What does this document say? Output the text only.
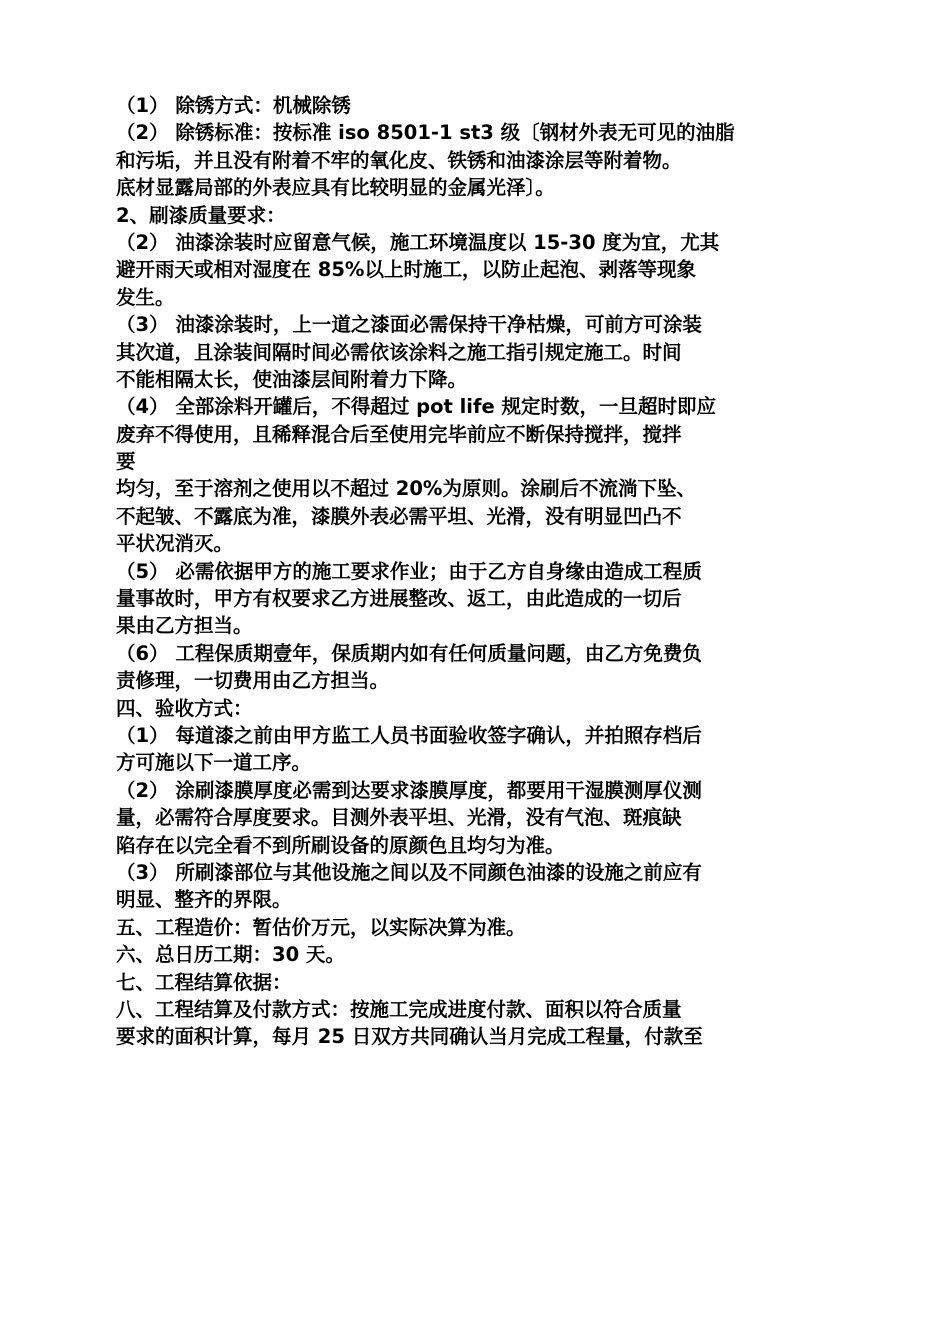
（1） 除锈方式：机械除锈
（2） 除锈标准：按标准 iso 8501-1 st3 级〔钢材外表无可见的油脂
和污垢，并且没有附着不牢的氧化皮、铁锈和油漆涂层等附着物。
底材显露局部的外表应具有比较明显的金属光泽〕。
2、刷漆质量要求：
（2） 油漆涂装时应留意气候，施工环境温度以 15-30 度为宜，尤其
避开雨天或相对湿度在 85%以上时施工，以防止起泡、剥落等现象
发生。
（3） 油漆涂装时，上一道之漆面必需保持干净枯燥，可前方可涂装
其次道，且涂装间隔时间必需依该涂料之施工指引规定施工。时间
不能相隔太长，使油漆层间附着力下降。
（4） 全部涂料开罐后，不得超过 pot life 规定时数，一旦超时即应
废弃不得使用，且稀释混合后至使用完毕前应不断保持搅拌，搅拌
要
均匀，至于溶剂之使用以不超过 20%为原则。涂刷后不流淌下坠、
不起皱、不露底为准，漆膜外表必需平坦、光滑，没有明显凹凸不
平状况消灭。
（5） 必需依据甲方的施工要求作业；由于乙方自身缘由造成工程质
量事故时，甲方有权要求乙方进展整改、返工，由此造成的一切后
果由乙方担当。
（6） 工程保质期壹年，保质期内如有任何质量问题，由乙方免费负
责修理，一切费用由乙方担当。
四、验收方式：
（1） 每道漆之前由甲方监工人员书面验收签字确认，并拍照存档后
方可施以下一道工序。
（2） 涂刷漆膜厚度必需到达要求漆膜厚度，都要用干湿膜测厚仪测
量，必需符合厚度要求。目测外表平坦、光滑，没有气泡、斑痕缺
陷存在以完全看不到所刷设备的原颜色且均匀为准。
（3） 所刷漆部位与其他设施之间以及不同颜色油漆的设施之前应有
明显、整齐的界限。
五、工程造价：暂估价万元，以实际决算为准。
六、总日历工期：30 天。
七、工程结算依据：
八、工程结算及付款方式：按施工完成进度付款、面积以符合质量
要求的面积计算，每月 25 日双方共同确认当月完成工程量，付款至
